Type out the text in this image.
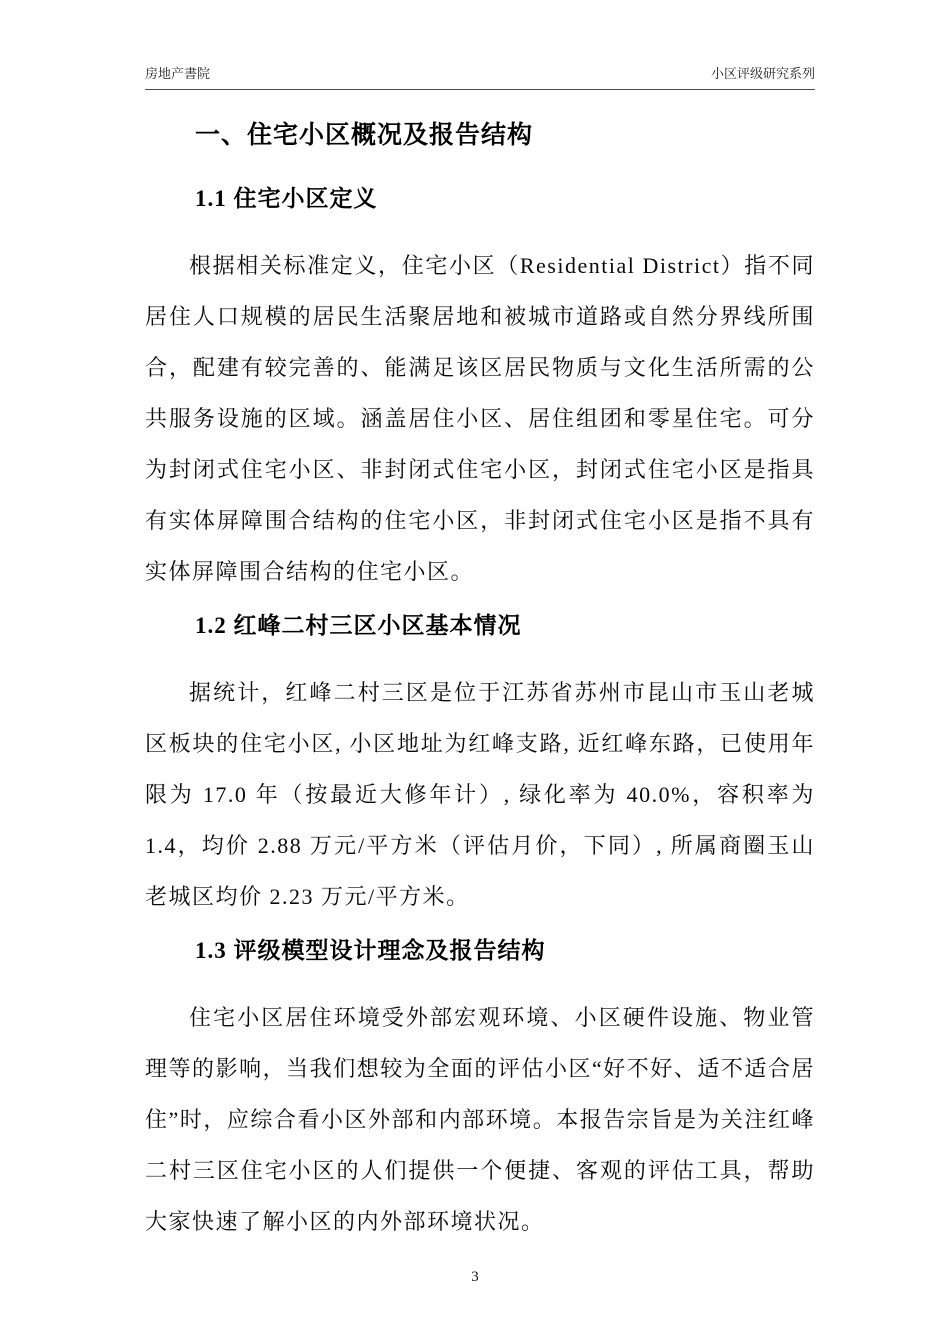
房地产書院	小区评级研究系列
一、住宅小区概况及报告结构
1.1 住宅小区定义

根据相关标准定义，住宅小区（Residential District）指不同居住人口规模的居民生活聚居地和被城市道路或自然分界线所围合，配建有较完善的、能满足该区居民物质与文化生活所需的公共服务设施的区域。涵盖居住小区、居住组团和零星住宅。可分为封闭式住宅小区、非封闭式住宅小区，封闭式住宅小区是指具有实体屏障围合结构的住宅小区，非封闭式住宅小区是指不具有实体屏障围合结构的住宅小区。

1.2 红峰二村三区小区基本情况

据统计，红峰二村三区是位于江苏省苏州市昆山市玉山老城区板块的住宅小区, 小区地址为红峰支路, 近红峰东路，已使用年限为 17.0 年（按最近大修年计）, 绿化率为 40.0%，容积率为 1.4，均价 2.88 万元/平方米（评估月价，下同）, 所属商圈玉山老城区均价 2.23 万元/平方米。

1.3 评级模型设计理念及报告结构

住宅小区居住环境受外部宏观环境、小区硬件设施、物业管理等的影响，当我们想较为全面的评估小区“好不好、适不适合居住”时，应综合看小区外部和内部环境。本报告宗旨是为关注红峰二村三区住宅小区的人们提供一个便捷、客观的评估工具，帮助大家快速了解小区的内外部环境状况。

3
